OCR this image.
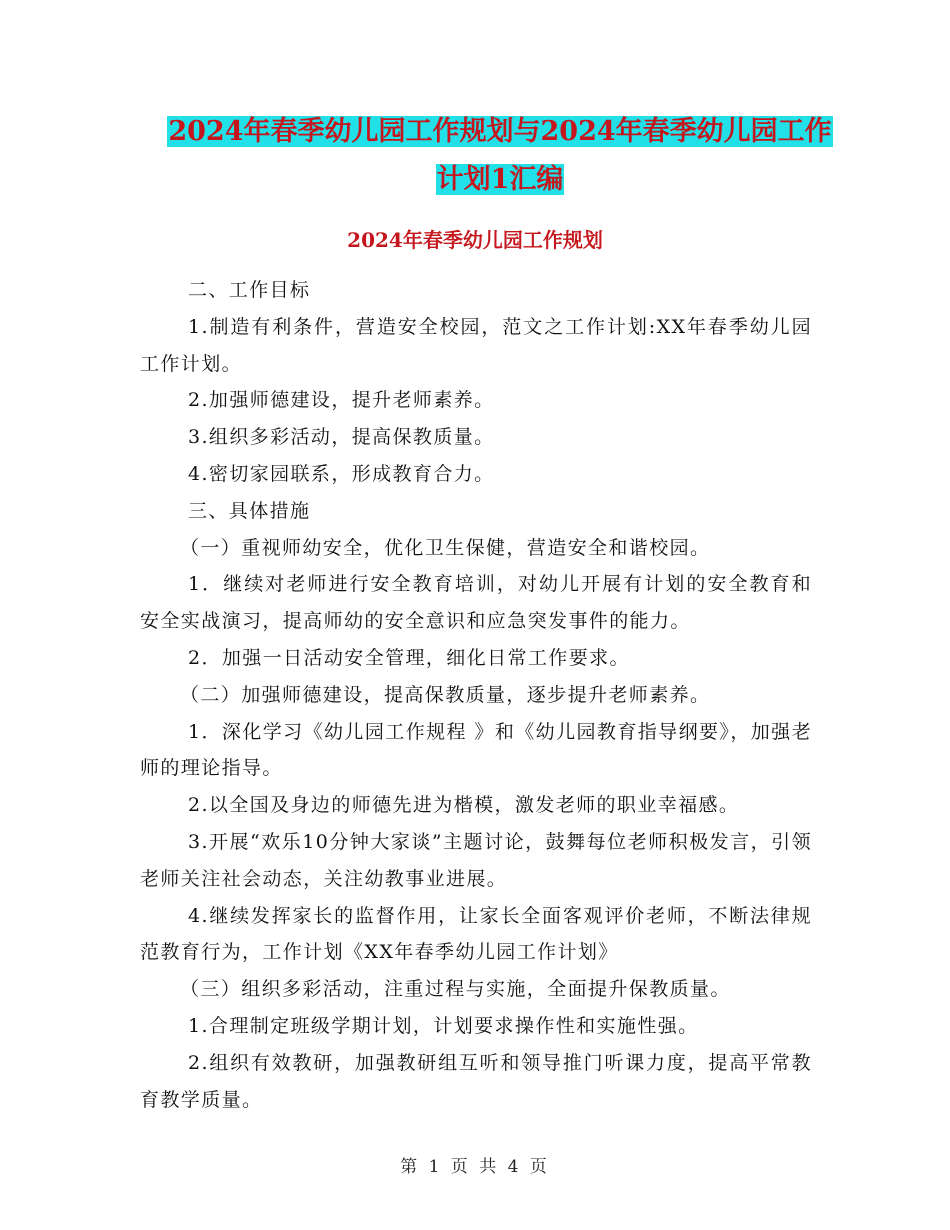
2024年春季幼儿园工作规划与2024年春季幼儿园工作
计划1汇编
2024年春季幼儿园工作规划

二、工作目标

1.制造有利条件，营造安全校园，范文之工作计划:XX年春季幼儿园工作计划。

2.加强师德建设，提升老师素养。

3.组织多彩活动，提高保教质量。

4.密切家园联系，形成教育合力。

三、具体措施

（一）重视师幼安全，优化卫生保健，营造安全和谐校园。

1．继续对老师进行安全教育培训，对幼儿开展有计划的安全教育和安全实战演习，提高师幼的安全意识和应急突发事件的能力。

2．加强一日活动安全管理，细化日常工作要求。

（二）加强师德建设，提高保教质量，逐步提升老师素养。

1．深化学习《幼儿园工作规程 》和《幼儿园教育指导纲要》，加强老师的理论指导。

2.以全国及身边的师德先进为楷模，激发老师的职业幸福感。

3.开展“欢乐10分钟大家谈”主题讨论，鼓舞每位老师积极发言，引领老师关注社会动态，关注幼教事业进展。

4.继续发挥家长的监督作用，让家长全面客观评价老师，不断法律规范教育行为，工作计划《XX年春季幼儿园工作计划》

（三）组织多彩活动，注重过程与实施，全面提升保教质量。

1.合理制定班级学期计划，计划要求操作性和实施性强。

2.组织有效教研，加强教研组互听和领导推门听课力度，提高平常教育教学质量。

第 1 页 共 4 页
